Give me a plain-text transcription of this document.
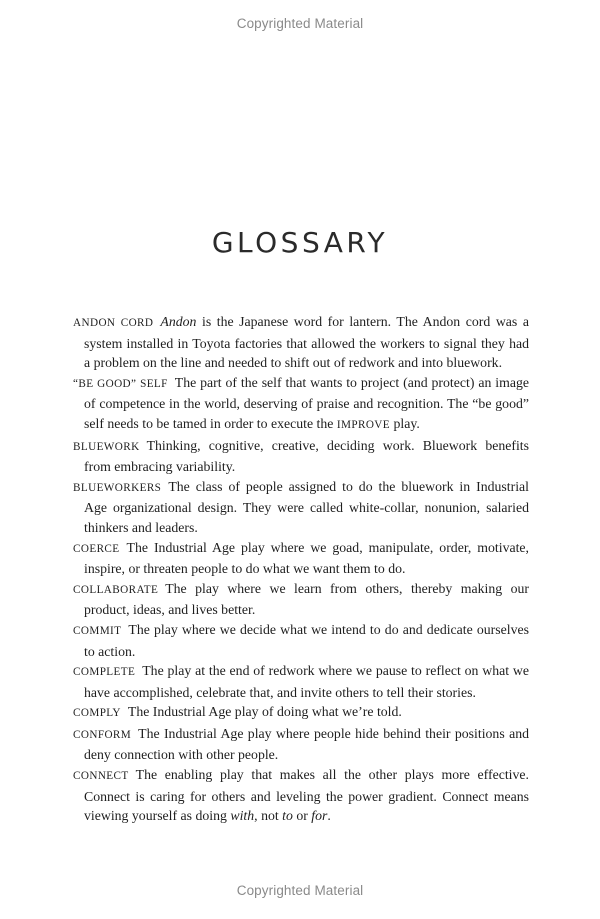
Copyrighted Material
GLOSSARY
ANDON CORD Andon is the Japanese word for lantern. The Andon cord was a system installed in Toyota factories that allowed the workers to signal they had a problem on the line and needed to shift out of redwork and into bluework.
“BE GOOD” SELF The part of the self that wants to project (and protect) an image of competence in the world, deserving of praise and recognition. The “be good” self needs to be tamed in order to execute the IMPROVE play.
BLUEWORK Thinking, cognitive, creative, deciding work. Bluework benefits from embracing variability.
BLUEWORKERS The class of people assigned to do the bluework in Industrial Age organizational design. They were called white-collar, nonunion, salaried thinkers and leaders.
COERCE The Industrial Age play where we goad, manipulate, order, motivate, inspire, or threaten people to do what we want them to do.
COLLABORATE The play where we learn from others, thereby making our product, ideas, and lives better.
COMMIT The play where we decide what we intend to do and dedicate ourselves to action.
COMPLETE The play at the end of redwork where we pause to reflect on what we have accomplished, celebrate that, and invite others to tell their stories.
COMPLY The Industrial Age play of doing what we’re told.
CONFORM The Industrial Age play where people hide behind their positions and deny connection with other people.
CONNECT The enabling play that makes all the other plays more effective. Connect is caring for others and leveling the power gradient. Connect means viewing yourself as doing with, not to or for.
Copyrighted Material
